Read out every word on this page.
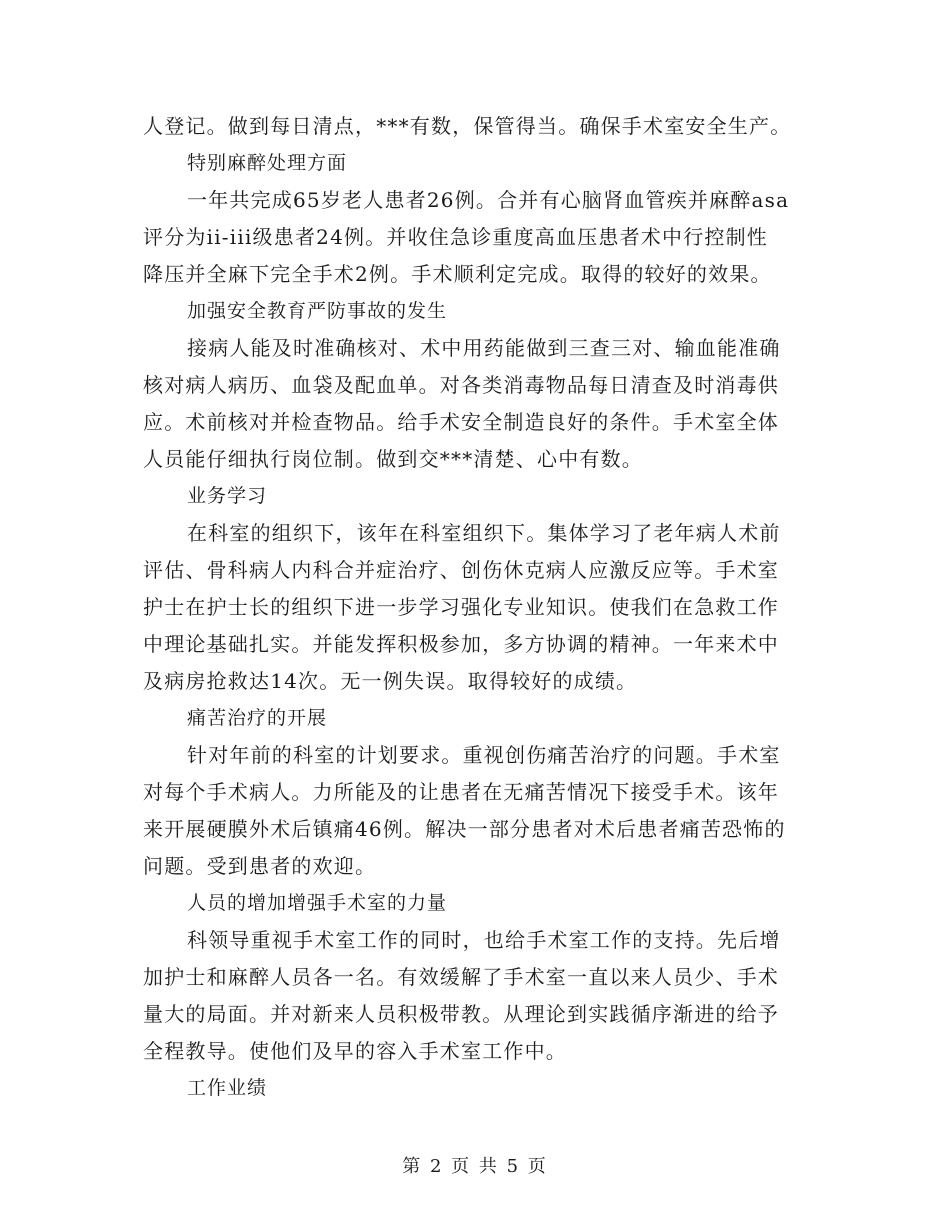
人登记。做到每日清点，***有数，保管得当。确保手术室安全生产。
特别麻醉处理方面
一年共完成65岁老人患者26例。合并有心脑肾血管疾并麻醉asa
评分为ii-iii级患者24例。并收住急诊重度高血压患者术中行控制性
降压并全麻下完全手术2例。手术顺利定完成。取得的较好的效果。
加强安全教育严防事故的发生
接病人能及时准确核对、术中用药能做到三查三对、输血能准确
核对病人病历、血袋及配血单。对各类消毒物品每日清查及时消毒供
应。术前核对并检查物品。给手术安全制造良好的条件。手术室全体
人员能仔细执行岗位制。做到交***清楚、心中有数。
业务学习
在科室的组织下，该年在科室组织下。集体学习了老年病人术前
评估、骨科病人内科合并症治疗、创伤休克病人应激反应等。手术室
护士在护士长的组织下进一步学习强化专业知识。使我们在急救工作
中理论基础扎实。并能发挥积极参加，多方协调的精神。一年来术中
及病房抢救达14次。无一例失误。取得较好的成绩。
痛苦治疗的开展
针对年前的科室的计划要求。重视创伤痛苦治疗的问题。手术室
对每个手术病人。力所能及的让患者在无痛苦情况下接受手术。该年
来开展硬膜外术后镇痛46例。解决一部分患者对术后患者痛苦恐怖的
问题。受到患者的欢迎。
人员的增加增强手术室的力量
科领导重视手术室工作的同时，也给手术室工作的支持。先后增
加护士和麻醉人员各一名。有效缓解了手术室一直以来人员少、手术
量大的局面。并对新来人员积极带教。从理论到实践循序渐进的给予
全程教导。使他们及早的容入手术室工作中。
工作业绩
第 2 页 共 5 页
